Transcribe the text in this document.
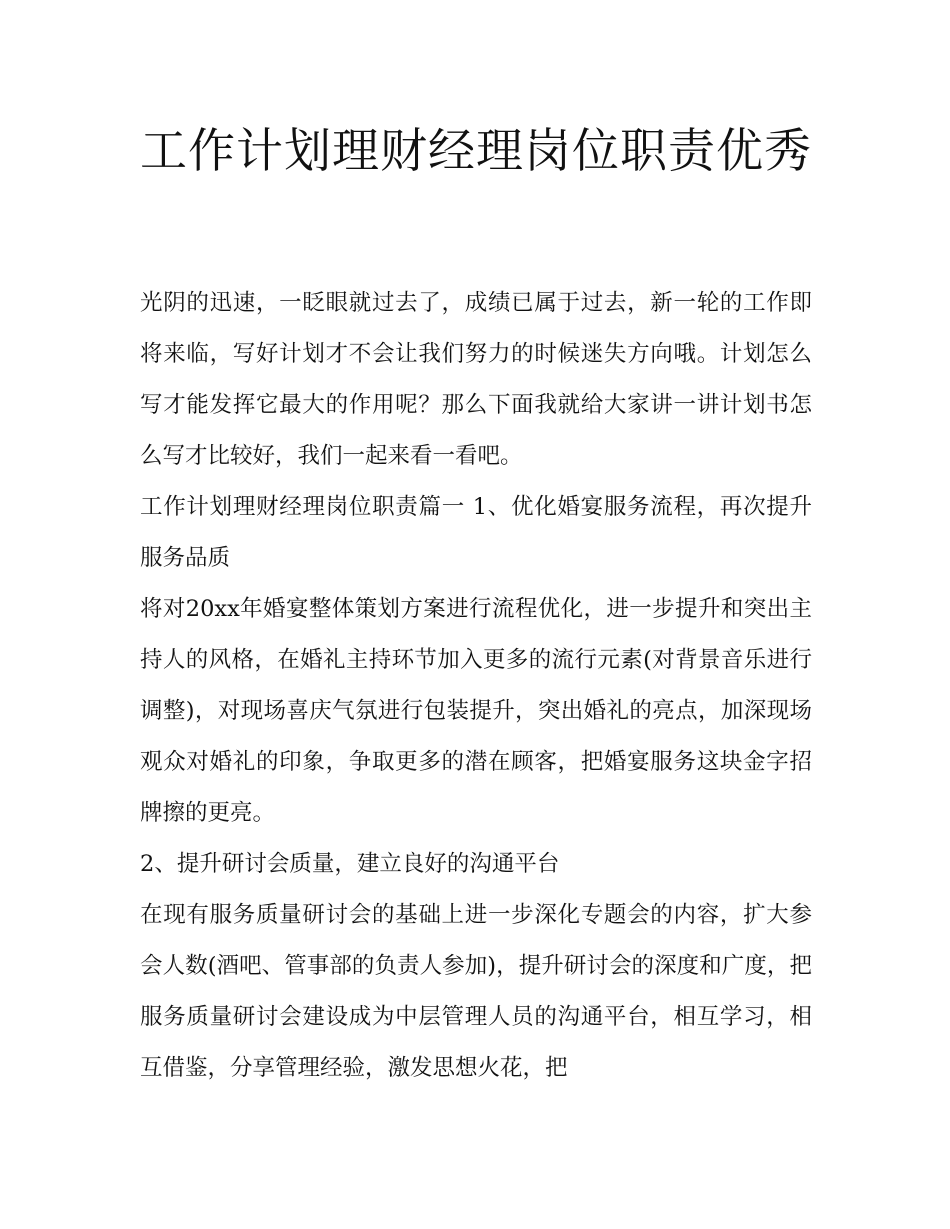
工作计划理财经理岗位职责优秀

光阴的迅速，一眨眼就过去了，成绩已属于过去，新一轮的工作即将来临，写好计划才不会让我们努力的时候迷失方向哦。计划怎么写才能发挥它最大的作用呢？那么下面我就给大家讲一讲计划书怎么写才比较好，我们一起来看一看吧。

工作计划理财经理岗位职责篇一 1、优化婚宴服务流程，再次提升服务品质

将对20xx年婚宴整体策划方案进行流程优化，进一步提升和突出主持人的风格，在婚礼主持环节加入更多的流行元素(对背景音乐进行调整)，对现场喜庆气氛进行包装提升，突出婚礼的亮点，加深现场观众对婚礼的印象，争取更多的潜在顾客，把婚宴服务这块金字招牌擦的更亮。

2、提升研讨会质量，建立良好的沟通平台

在现有服务质量研讨会的基础上进一步深化专题会的内容，扩大参会人数(酒吧、管事部的负责人参加)，提升研讨会的深度和广度，把服务质量研讨会建设成为中层管理人员的沟通平台，相互学习，相互借鉴，分享管理经验，激发思想火花，把
